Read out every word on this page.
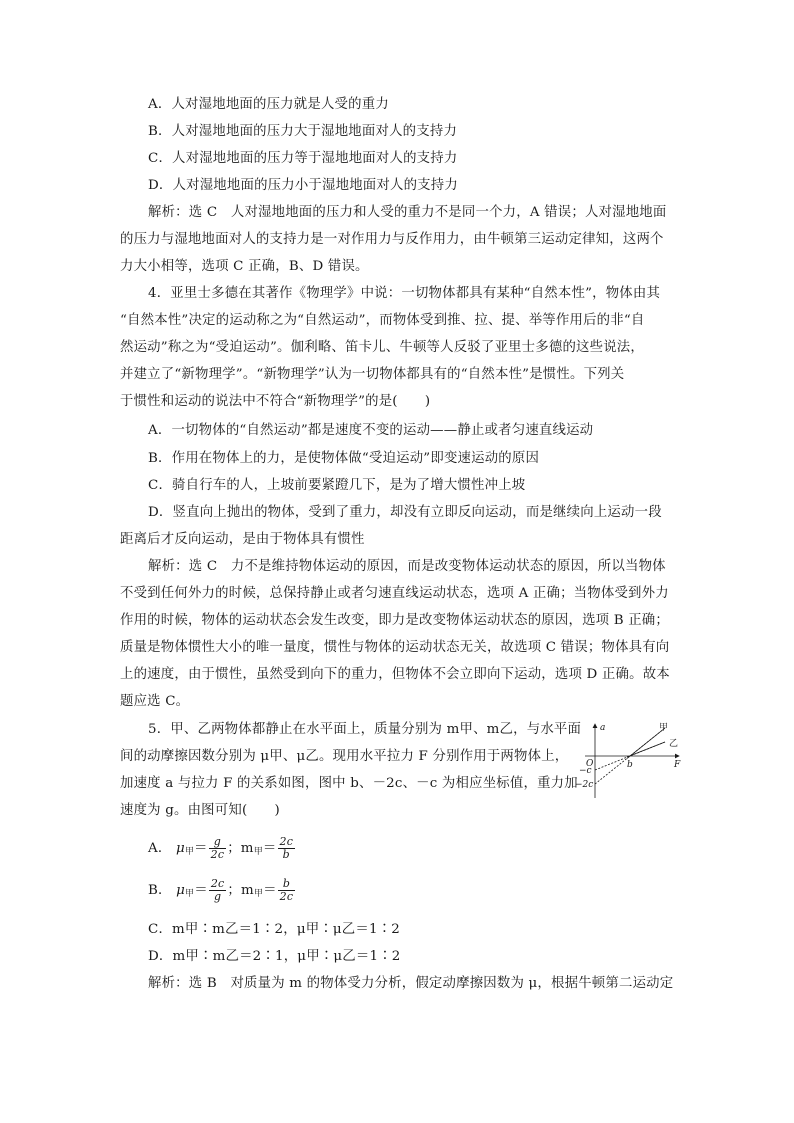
A．人对湿地地面的压力就是人受的重力
B．人对湿地地面的压力大于湿地地面对人的支持力
C．人对湿地地面的压力等于湿地地面对人的支持力
D．人对湿地地面的压力小于湿地地面对人的支持力
解析：选 C　人对湿地地面的压力和人受的重力不是同一个力，A 错误；人对湿地地面
的压力与湿地地面对人的支持力是一对作用力与反作用力，由牛顿第三运动定律知，这两个
力大小相等，选项 C 正确，B、D 错误。
4．亚里士多德在其著作《物理学》中说：一切物体都具有某种“自然本性”，物体由其
“自然本性”决定的运动称之为“自然运动”，而物体受到推、拉、提、举等作用后的非“自
然运动”称之为“受迫运动”。伽利略、笛卡儿、牛顿等人反驳了亚里士多德的这些说法，
并建立了“新物理学”。“新物理学”认为一切物体都具有的“自然本性”是惯性。下列关
于惯性和运动的说法中不符合“新物理学”的是(　　)
A．一切物体的“自然运动”都是速度不变的运动——静止或者匀速直线运动
B．作用在物体上的力，是使物体做“受迫运动”即变速运动的原因
C．骑自行车的人，上坡前要紧蹬几下，是为了增大惯性冲上坡
D．竖直向上抛出的物体，受到了重力，却没有立即反向运动，而是继续向上运动一段
距离后才反向运动，是由于物体具有惯性
解析：选 C　力不是维持物体运动的原因，而是改变物体运动状态的原因，所以当物体
不受到任何外力的时候，总保持静止或者匀速直线运动状态，选项 A 正确；当物体受到外力
作用的时候，物体的运动状态会发生改变，即力是改变物体运动状态的原因，选项 B 正确；
质量是物体惯性大小的唯一量度，惯性与物体的运动状态无关，故选项 C 错误；物体具有向
上的速度，由于惯性，虽然受到向下的重力，但物体不会立即向下运动，选项 D 正确。故本
题应选 C。
5．甲、乙两物体都静止在水平面上，质量分别为 m甲、m乙，与水平面
间的动摩擦因数分别为 μ甲、μ乙。现用水平拉力 F 分别作用于两物体上，
加速度 a 与拉力 F 的关系如图，图中 b、－2c、－c 为相应坐标值，重力加
速度为 g。由图可知(　　)
A． $\mu_甲= \frac{g}{2c}$ ；$m_甲= \frac{2c}{b}$
B． $\mu_甲= \frac{2c}{g}$ ；$m_甲= \frac{b}{2c}$
C．m甲∶m乙＝1∶2，μ甲∶μ乙＝1∶2
D．m甲∶m乙＝2∶1，μ甲∶μ乙＝1∶2
解析：选 B　对质量为 m 的物体受力分析，假定动摩擦因数为 μ，根据牛顿第二运动定
a
F
O	b
−c
−2c
甲
乙
